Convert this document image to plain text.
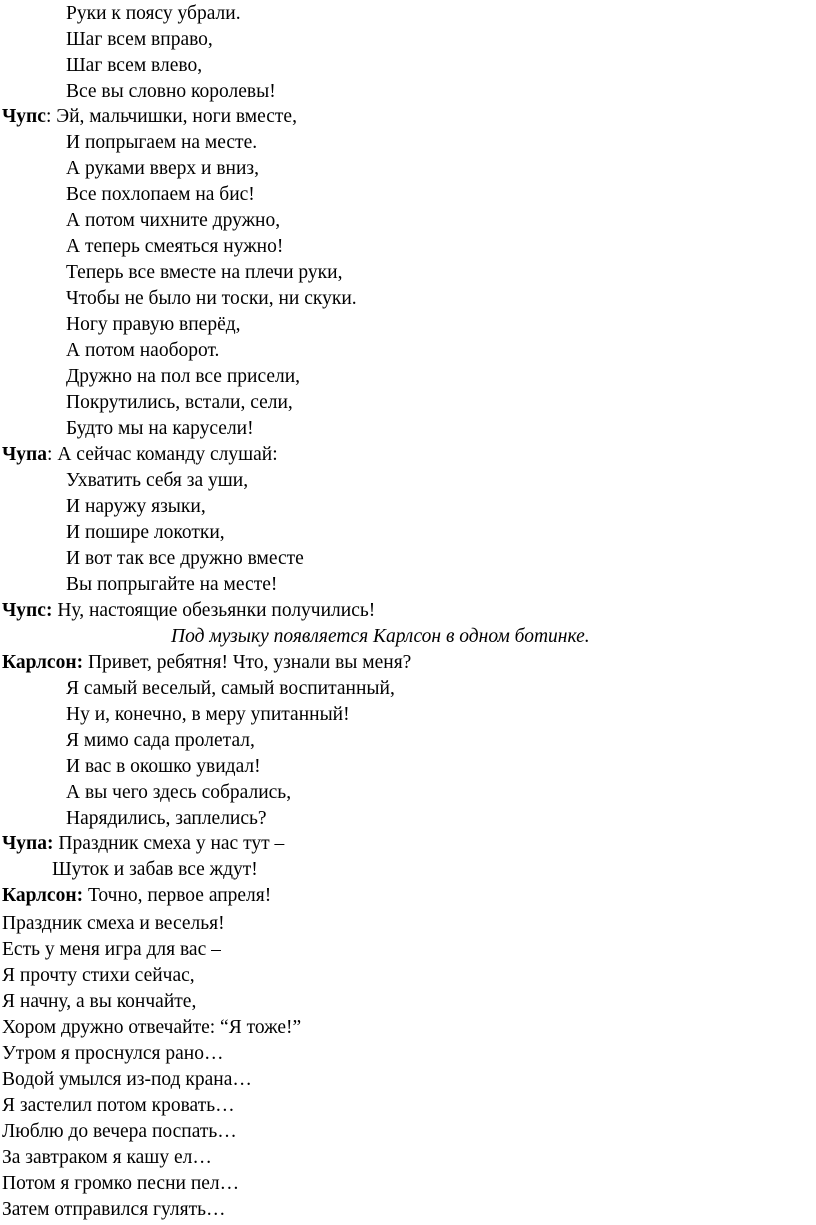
Руки к поясу убрали.
Шаг всем вправо,
Шаг всем влево,
Все вы словно королевы!
Чупс: Эй, мальчишки, ноги вместе,
И попрыгаем на месте.
А руками вверх и вниз,
Все похлопаем на бис!
А потом чихните дружно,
А теперь смеяться нужно!
Теперь все вместе на плечи руки,
Чтобы не было ни тоски, ни скуки.
Ногу правую вперёд,
А потом наоборот.
Дружно на пол все присели,
Покрутились, встали, сели,
Будто мы на карусели!
Чупа: А сейчас команду слушай:
Ухватить себя за уши,
И наружу языки,
И пошире локотки,
И вот так все дружно вместе
Вы попрыгайте на месте!
Чупс: Ну, настоящие обезьянки получились!
Под музыку появляется Карлсон в одном ботинке.
Карлсон: Привет, ребятня! Что, узнали вы меня?
Я самый веселый, самый воспитанный,
Ну и, конечно, в меру упитанный!
Я мимо сада пролетал,
И вас в окошко увидал!
А вы чего здесь собрались,
Нарядились, заплелись?
Чупа: Праздник смеха у нас тут –
Шуток и забав все ждут!
Карлсон: Точно, первое апреля!
Праздник смеха и веселья!
Есть у меня игра для вас –
Я прочту стихи сейчас,
Я начну, а вы кончайте,
Хором дружно отвечайте: “Я тоже!”
Утром я проснулся рано…
Водой умылся из-под крана…
Я застелил потом кровать…
Люблю до вечера поспать…
За завтраком я кашу ел…
Потом я громко песни пел…
Затем отправился гулять…
